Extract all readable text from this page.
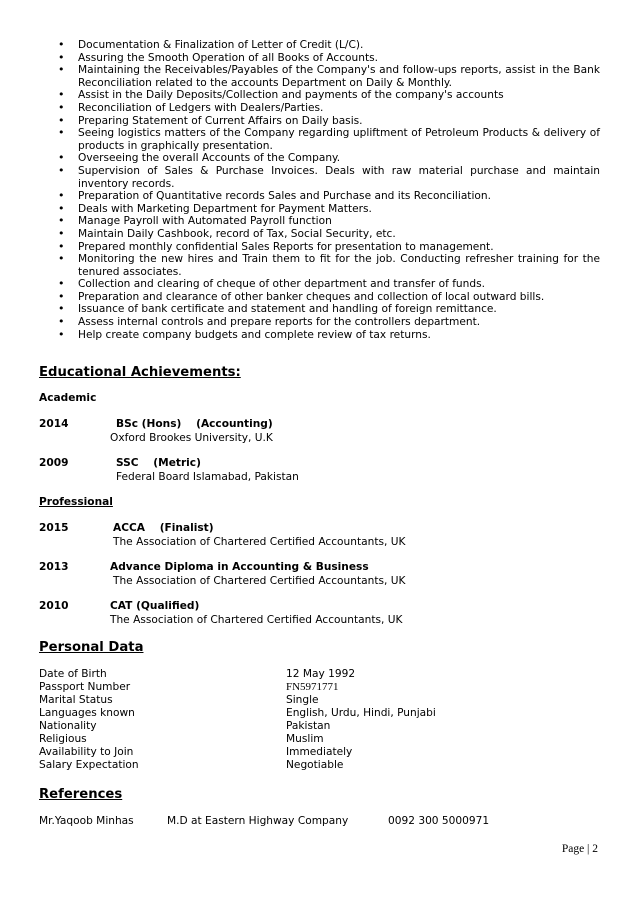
• Documentation & Finalization of Letter of Credit (L/C).
• Assuring the Smooth Operation of all Books of Accounts.
• Maintaining the Receivables/Payables of the Company's and follow-ups reports, assist in the Bank Reconciliation related to the accounts Department on Daily & Monthly.
• Assist in the Daily Deposits/Collection and payments of the company's accounts
• Reconciliation of Ledgers with Dealers/Parties.
• Preparing Statement of Current Affairs on Daily basis.
• Seeing logistics matters of the Company regarding upliftment of Petroleum Products & delivery of products in graphically presentation.
• Overseeing the overall Accounts of the Company.
• Supervision of Sales & Purchase Invoices. Deals with raw material purchase and maintain inventory records.
• Preparation of Quantitative records Sales and Purchase and its Reconciliation.
• Deals with Marketing Department for Payment Matters.
• Manage Payroll with Automated Payroll function
• Maintain Daily Cashbook, record of Tax, Social Security, etc.
• Prepared monthly confidential Sales Reports for presentation to management.
• Monitoring the new hires and Train them to fit for the job. Conducting refresher training for the tenured associates.
• Collection and clearing of cheque of other department and transfer of funds.
• Preparation and clearance of other banker cheques and collection of local outward bills.
• Issuance of bank certificate and statement and handling of foreign remittance.
• Assess internal controls and prepare reports for the controllers department.
• Help create company budgets and complete review of tax returns.
Educational Achievements:
Academic
2014	BSc (Hons)    (Accounting)
Oxford Brookes University, U.K
2009	SSC    (Metric)
Federal Board Islamabad, Pakistan
Professional
2015	ACCA    (Finalist)
The Association of Chartered Certified Accountants, UK
2013	Advance Diploma in Accounting & Business
The Association of Chartered Certified Accountants, UK
2010	CAT (Qualified)
The Association of Chartered Certified Accountants, UK
Personal Data
Date of Birth	12 May 1992
Passport Number	FN5971771
Marital Status	Single
Languages known	English, Urdu, Hindi, Punjabi
Nationality	Pakistan
Religious	Muslim
Availability to Join	Immediately
Salary Expectation	Negotiable
References
Mr.Yaqoob Minhas	M.D at Eastern Highway Company	0092 300 5000971
Page | 2
